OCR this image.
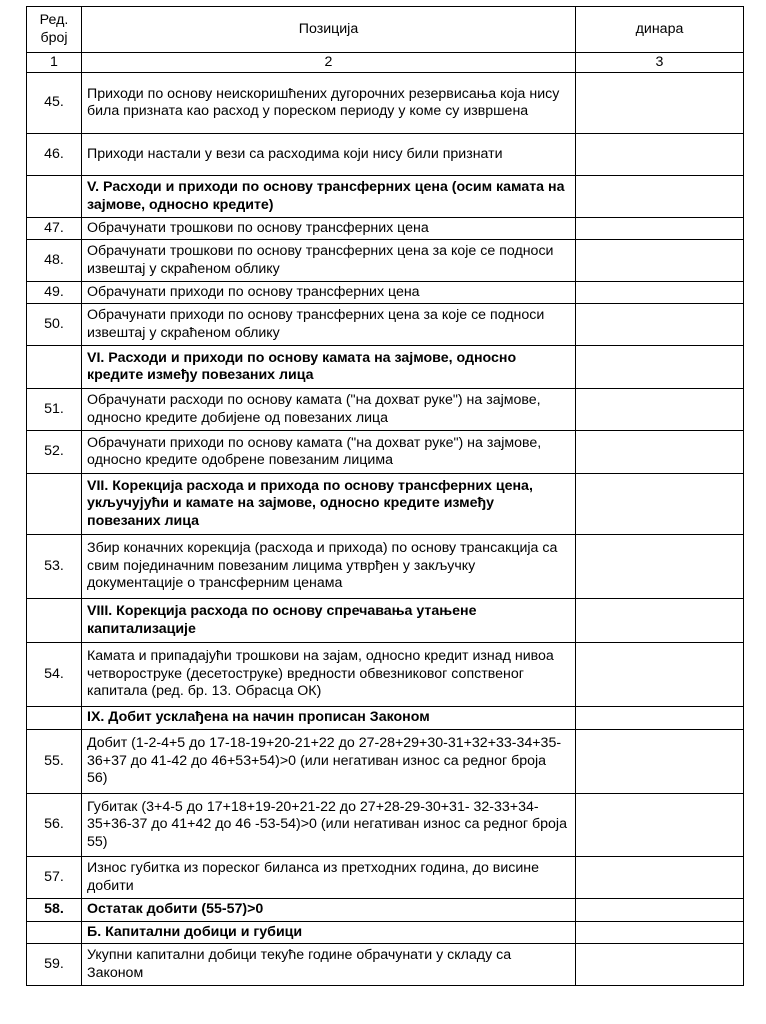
Ред.
број	Позиција	динара
1	2	3
45.	Приходи по основу неискоришћених дугорочних резервисања која нису била призната као расход у пореском периоду у коме су извршена	
46.	Приходи настали у вези са расходима који нису били признати	
	V. Расходи и приходи по основу трансферних цена (осим камата на зајмове, односно кредите)	
47.	Обрачунати трошкови по основу трансферних цена	
48.	Обрачунати трошкови по основу трансферних цена за које се подноси извештај у скраћеном облику	
49.	Обрачунати приходи по основу трансферних цена	
50.	Обрачунати приходи по основу трансферних цена за које се подноси извештај у скраћеном облику	
	VI. Расходи и приходи по основу камата на зајмове, односно кредите између повезаних лица	
51.	Обрачунати расходи по основу камата ("на дохват руке") на зајмове, односно кредите добијене од повезаних лица	
52.	Обрачунати приходи по основу камата ("на дохват руке") на зајмове, односно кредите одобрене повезаним лицима	
	VII. Корекција расхода и прихода по основу трансферних цена, укључујући и камате на зајмове, односно кредите између повезаних лица	
53.	Збир коначних корекција (расхода и прихода) по основу трансакција са свим појединачним повезаним лицима утврђен у закључку документације о трансферним ценама	
	VIII. Корекција расхода по основу спречавања утањене капитализације	
54.	Камата и припадајући трошкови на зајам, односно кредит изнад нивоа четвороструке (десетоструке) вредности обвезниковог сопственог капитала (ред. бр. 13. Обрасца ОК)	
	IX. Добит усклађена на начин прописан Законом	
55.	Добит (1-2-4+5 до 17-18-19+20-21+22 до 27-28+29+30-31+32+33-34+35-36+37 до 41-42 до 46+53+54)>0 (или негативан износ са редног броја 56)	
56.	Губитак (3+4-5 до 17+18+19-20+21-22 до 27+28-29-30+31- 32-33+34-35+36-37 до 41+42 до 46 -53-54)>0 (или негативан износ са редног броја 55)	
57.	Износ губитка из пореског биланса из претходних година, до висине добити	
58.	Остатак добити (55-57)>0	
	Б. Капитални добици и губици	
59.	Укупни капитални добици текуће године обрачунати у складу са Законом	
